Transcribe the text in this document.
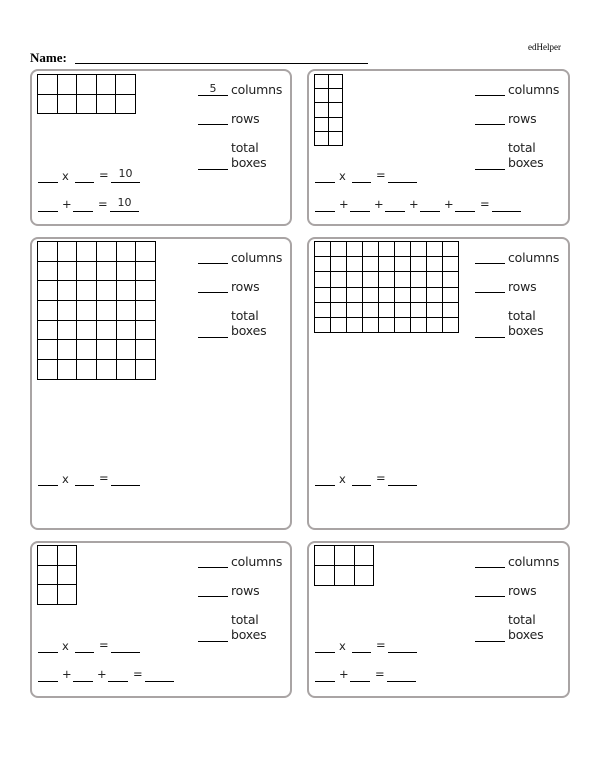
edHelper
Name:

5	columns
rows
total
boxes
x	= 10
+ = 10

columns
rows
total
boxes
x	=
+ + + + =

columns
rows
total
boxes
x	=

columns
rows
total
boxes
x	=

columns
rows
total
boxes
x	=
+ + =

columns
rows
total
boxes
x	=
+ =
